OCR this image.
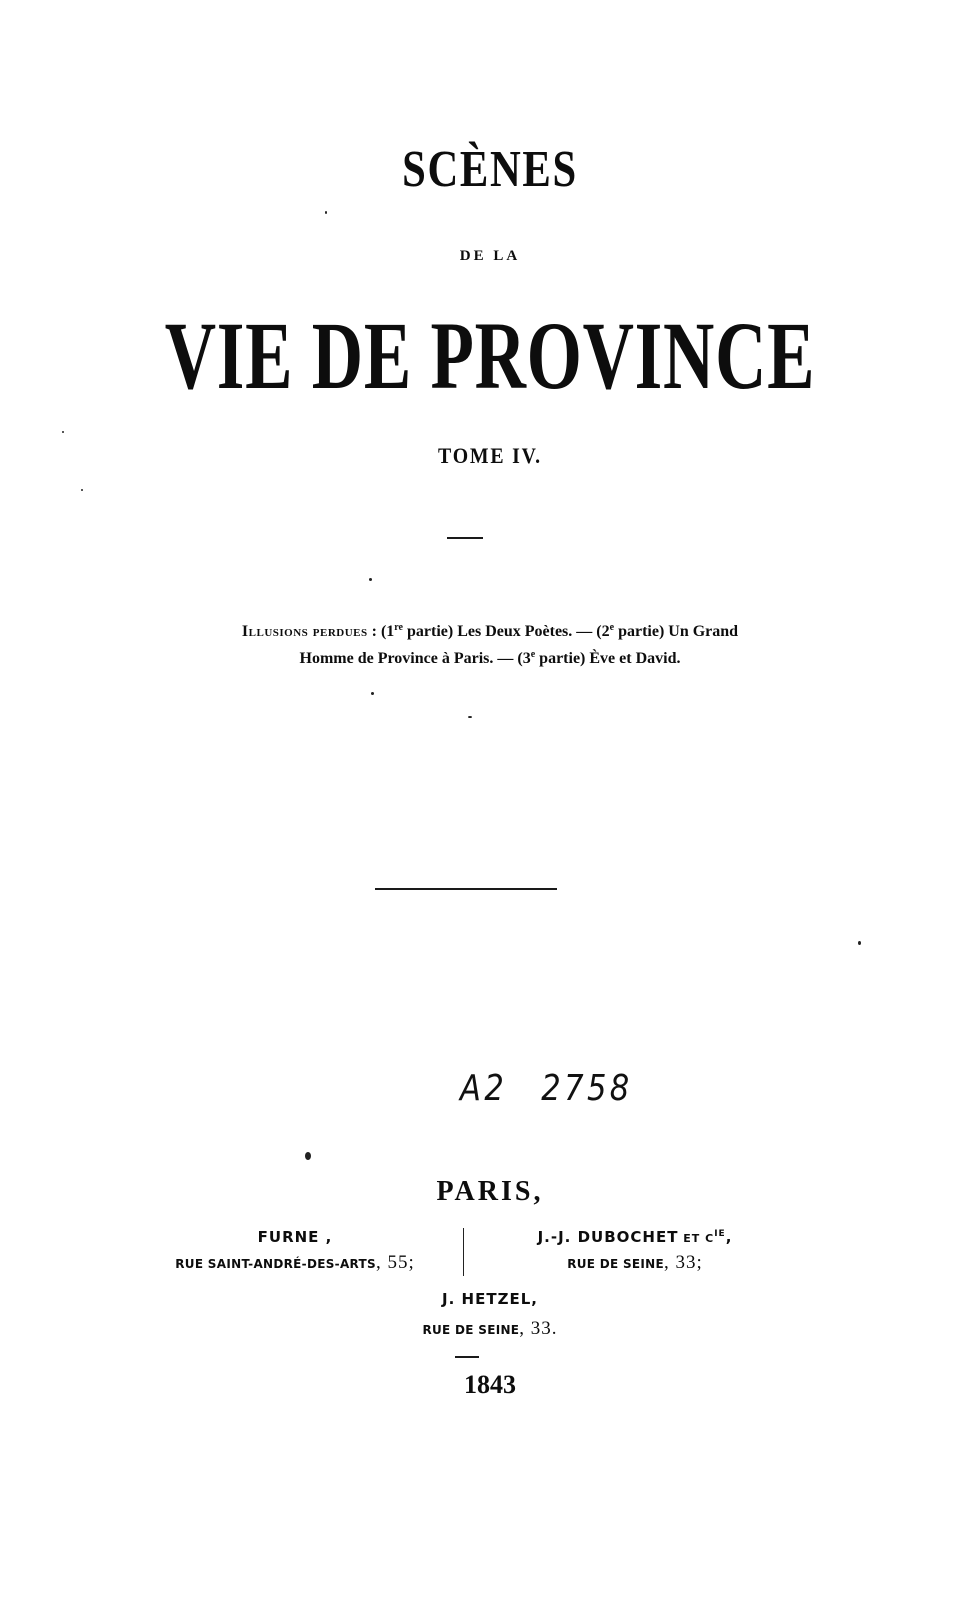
SCÈNES
DE LA
VIE DE PROVINCE
TOME IV.
Illusions perdues : (1re partie) Les Deux Poètes. — (2e partie) Un Grand
Homme de Province à Paris. — (3e partie) Ève et David.
A2 2758
PARIS,
FURNE ,
RUE SAINT-ANDRÉ-DES-ARTS, 55;
J.-J. DUBOCHET ET $C^{IE}$,
RUE DE SEINE, 33;
J. HETZEL,
RUE DE SEINE, 33.
1843
